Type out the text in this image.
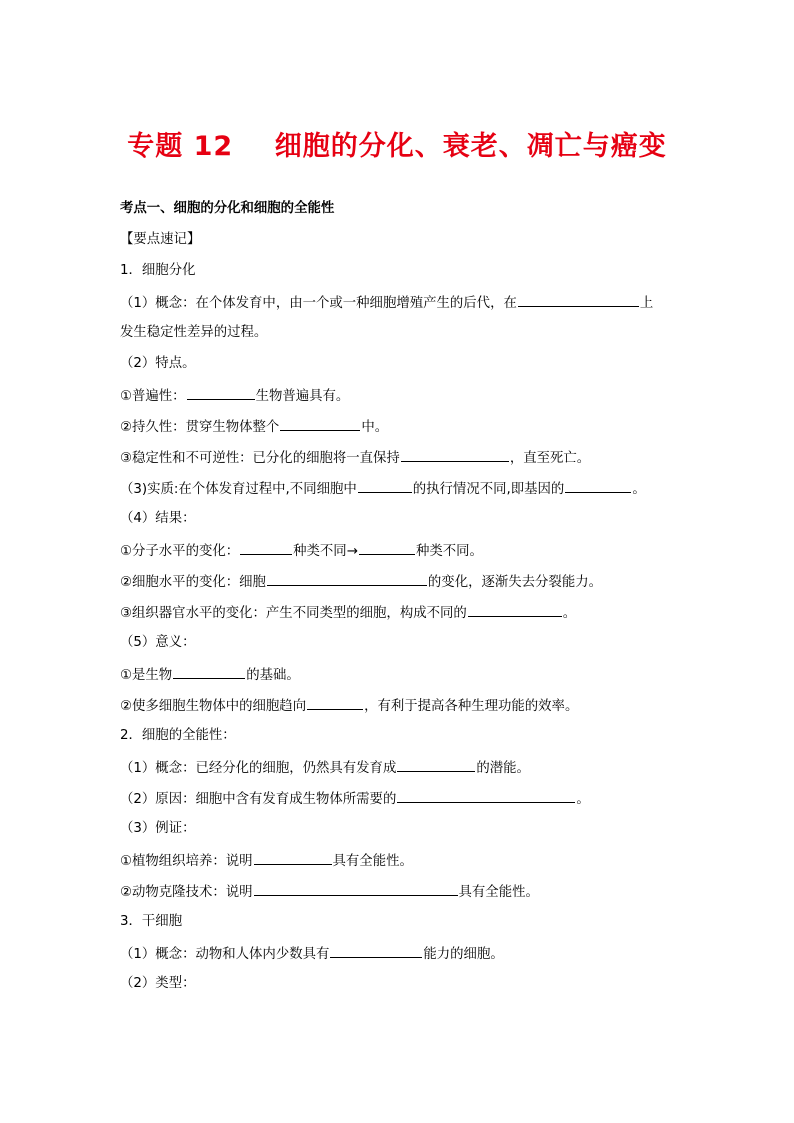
专题 12    细胞的分化、衰老、凋亡与癌变
考点一、细胞的分化和细胞的全能性
【要点速记】
1．细胞分化
（1）概念：在个体发育中，由一个或一种细胞增殖产生的后代，在	上
发生稳定性差异的过程。
（2）特点。
①普遍性：	生物普遍具有。
②持久性：贯穿生物体整个	中。
③稳定性和不可逆性：已分化的细胞将一直保持	，直至死亡。
（3)实质:在个体发育过程中,不同细胞中	的执行情况不同,即基因的	。
（4）结果：
①分子水平的变化：	种类不同→	种类不同。
②细胞水平的变化：细胞	的变化，逐渐失去分裂能力。
③组织器官水平的变化：产生不同类型的细胞，构成不同的	。
（5）意义：
①是生物	的基础。
②使多细胞生物体中的细胞趋向	，有利于提高各种生理功能的效率。
2．细胞的全能性：
（1）概念：已经分化的细胞，仍然具有发育成	的潜能。
（2）原因：细胞中含有发育成生物体所需要的	。
（3）例证：
①植物组织培养：说明	具有全能性。
②动物克隆技术：说明	具有全能性。
3．干细胞
（1）概念：动物和人体内少数具有	能力的细胞。
（2）类型：
